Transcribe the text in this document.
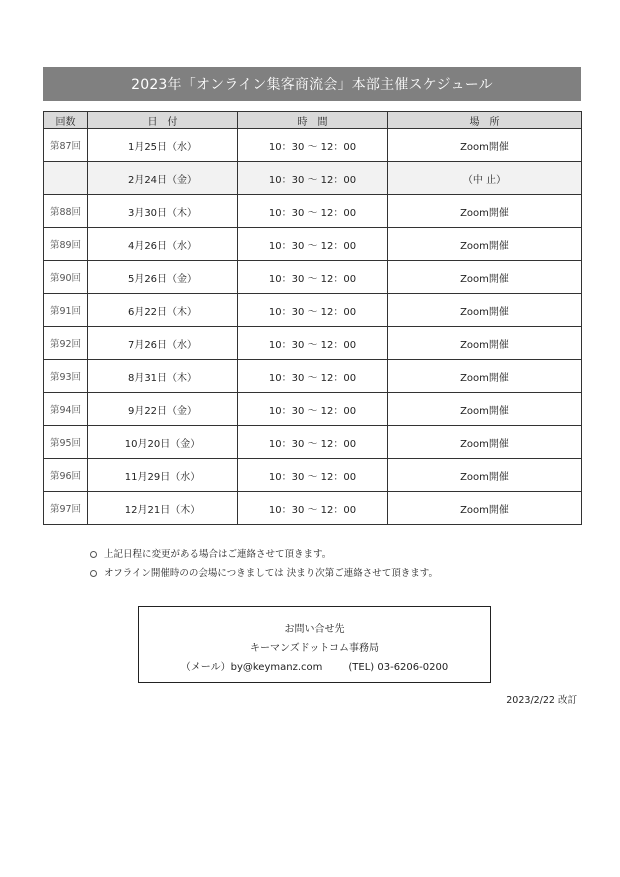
2023年「オンライン集客商流会」本部主催スケジュール
回数	日　付	時　間	場　所
第87回	1月25日（水）	10：30 ～ 12：00	Zoom開催
	2月24日（金）	10：30 ～ 12：00	（中 止）
第88回	3月30日（木）	10：30 ～ 12：00	Zoom開催
第89回	4月26日（水）	10：30 ～ 12：00	Zoom開催
第90回	5月26日（金）	10：30 ～ 12：00	Zoom開催
第91回	6月22日（木）	10：30 ～ 12：00	Zoom開催
第92回	7月26日（水）	10：30 ～ 12：00	Zoom開催
第93回	8月31日（木）	10：30 ～ 12：00	Zoom開催
第94回	9月22日（金）	10：30 ～ 12：00	Zoom開催
第95回	10月20日（金）	10：30 ～ 12：00	Zoom開催
第96回	11月29日（水）	10：30 ～ 12：00	Zoom開催
第97回	12月21日（木）	10：30 ～ 12：00	Zoom開催
上記日程に変更がある場合はご連絡させて頂きます。
オフライン開催時のの会場につきましては 決まり次第ご連絡させて頂きます。
お問い合せ先
キーマンズドットコム事務局
（メール）by@keymanz.com	(TEL) 03-6206-0200
2023/2/22 改訂
